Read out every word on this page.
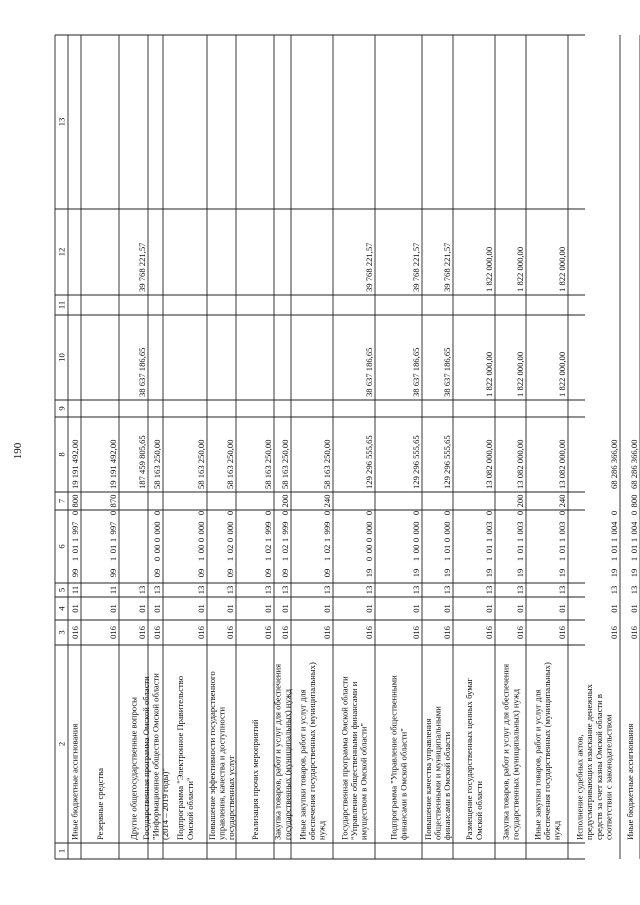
190
1
2
3
4
5
6
7
8
9
10
11
12
13
Иные бюджетные ассигнования
016
01
11
99
1
01
1
997
0
800
19 191 492,00
Резервные средства
016
01
11
99
1
01
1
997
0
870
19 191 492,00
Другие общегосударственные вопросы
016
01
13
187 459 805,65
38 637 186,65
39 768 221,57
Государственная программа Омской области "Информационное общество Омской области (2014 – 2019 годы)"
016
01
13
09
0
00
0
000
0
58 163 250,00
Подпрограмма "Электронное Правительство Омской области"
016
01
13
09
1
00
0
000
0
58 163 250,00
Повышение эффективности государственного управления, качества и доступности государственных услуг
016
01
13
09
1
02
0
000
0
58 163 250,00
Реализация прочих мероприятий
016
01
13
09
1
02
1
999
0
58 163 250,00
Закупка товаров, работ и услуг для обеспечения государственных (муниципальных) нужд
016
01
13
09
1
02
1
999
0
200
58 163 250,00
Иные закупки товаров, работ и услуг для обеспечения государственных (муниципальных) нужд
016
01
13
09
1
02
1
999
0
240
58 163 250,00
Государственная программа Омской области "Управление общественными финансами и имуществом в Омской области"
016
01
13
19
0
00
0
000
0
129 296 555,65
38 637 186,65
39 768 221,57
Подпрограмма "Управление общественными финансами в Омской области"
016
01
13
19
1
00
0
000
0
129 296 555,65
38 637 186,65
39 768 221,57
Повышение качества управления общественными и муниципальными финансами в Омской области
016
01
13
19
1
01
0
000
0
129 296 555,65
38 637 186,65
39 768 221,57
Размещение государственных ценных бумаг Омской области
016
01
13
19
1
01
1
003
0
13 082 000,00
1 822 000,00
1 822 000,00
Закупка товаров, работ и услуг для обеспечения государственных (муниципальных) нужд
016
01
13
19
1
01
1
003
0
200
13 082 000,00
1 822 000,00
1 822 000,00
Иные закупки товаров, работ и услуг для обеспечения государственных (муниципальных) нужд
016
01
13
19
1
01
1
003
0
240
13 082 000,00
1 822 000,00
1 822 000,00
Исполнение судебных актов, предусматривающих взыскание денежных средств за счет казны Омской области в соответствии с законодательством
016
01
13
19
1
01
1
004
0
68 286 366,00
Иные бюджетные ассигнования
016
01
13
19
1
01
1
004
0
800
68 286 366,00
